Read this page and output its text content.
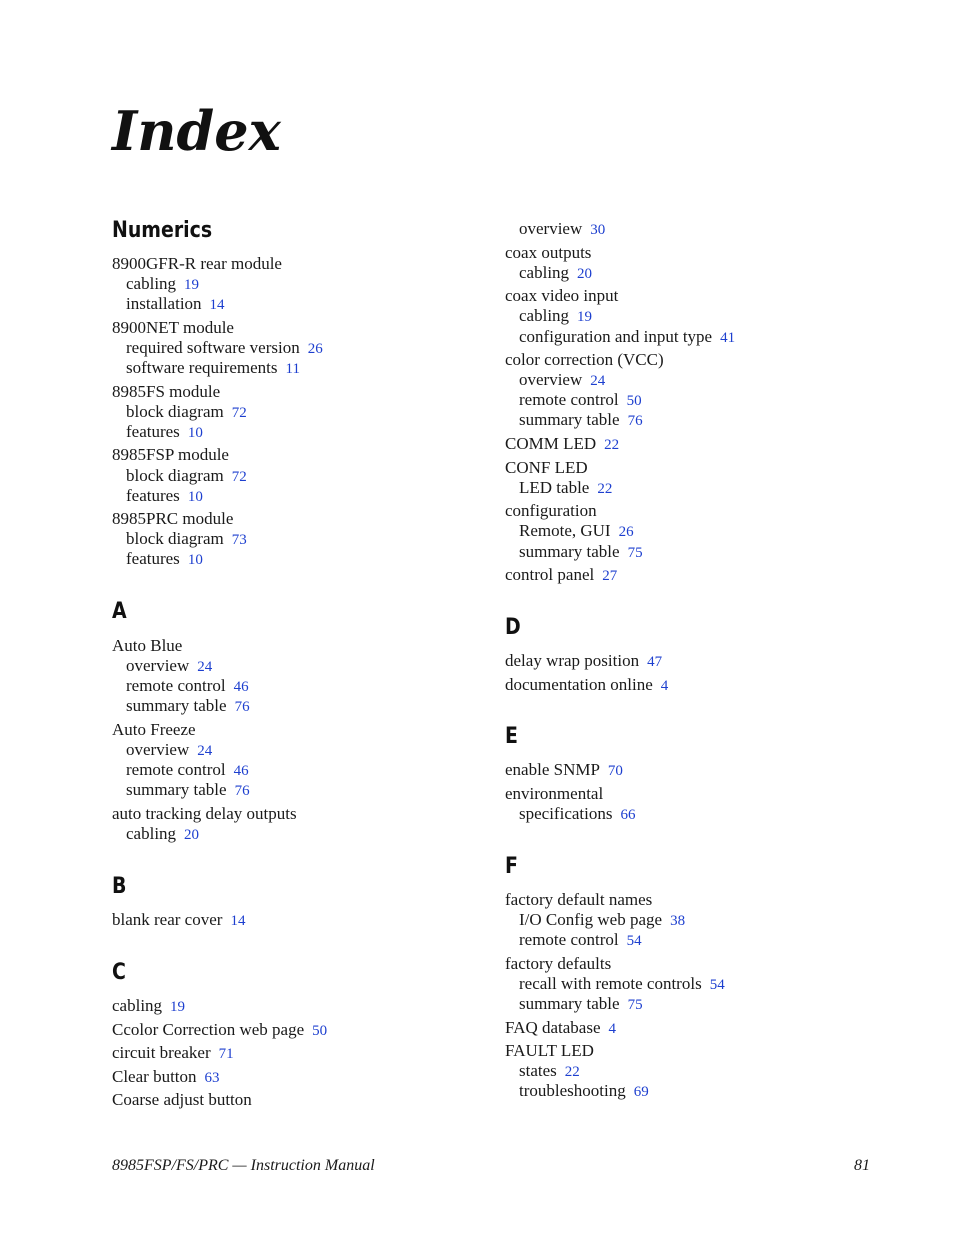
Index
Numerics
8900GFR-R rear module
cabling 19
installation 14
8900NET module
required software version 26
software requirements 11
8985FS module
block diagram 72
features 10
8985FSP module
block diagram 72
features 10
8985PRC module
block diagram 73
features 10
A
Auto Blue
overview 24
remote control 46
summary table 76
Auto Freeze
overview 24
remote control 46
summary table 76
auto tracking delay outputs
cabling 20
B
blank rear cover 14
C
cabling 19
Ccolor Correction web page 50
circuit breaker 71
Clear button 63
Coarse adjust button
overview 30
coax outputs
cabling 20
coax video input
cabling 19
configuration and input type 41
color correction (VCC)
overview 24
remote control 50
summary table 76
COMM LED 22
CONF LED
LED table 22
configuration
Remote, GUI 26
summary table 75
control panel 27
D
delay wrap position 47
documentation online 4
E
enable SNMP 70
environmental
specifications 66
F
factory default names
I/O Config web page 38
remote control 54
factory defaults
recall with remote controls 54
summary table 75
FAQ database 4
FAULT LED
states 22
troubleshooting 69
8985FSP/FS/PRC — Instruction Manual	81
